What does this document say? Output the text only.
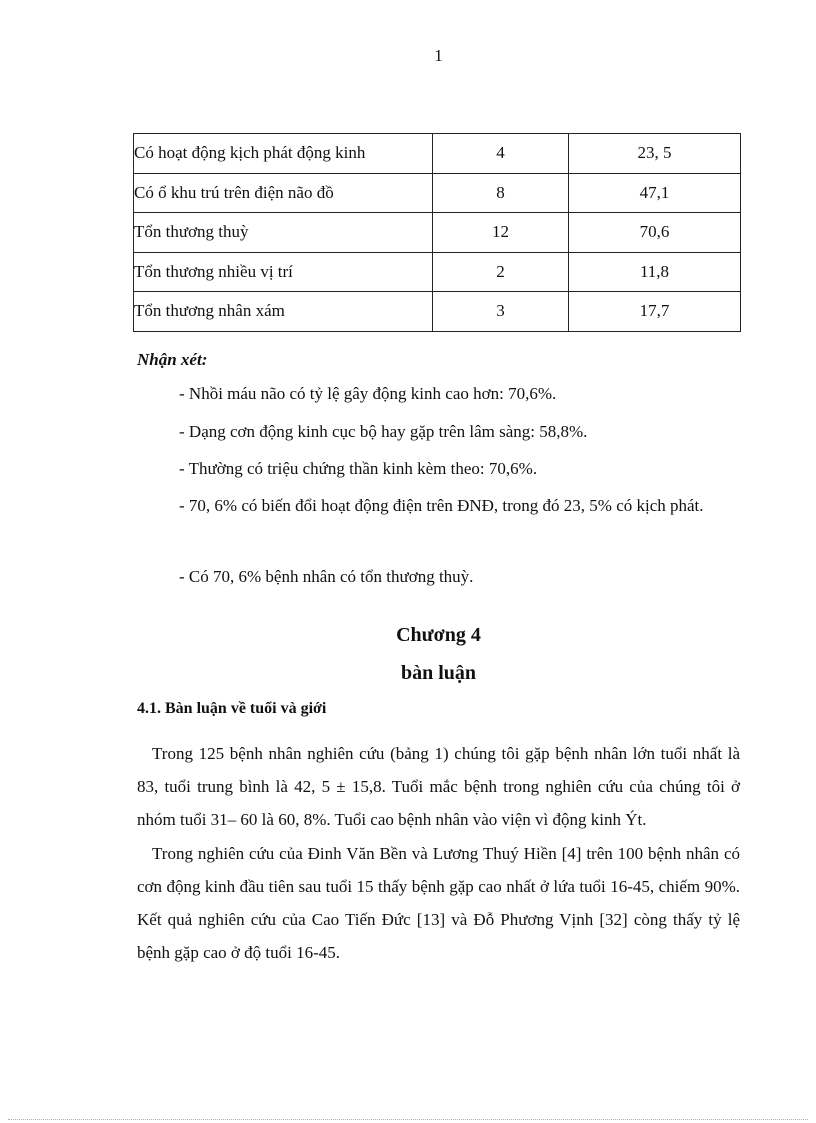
1
Có hoạt động kịch phát động kinh	4	23, 5
Có ổ khu trú trên điện não đồ	8	47,1
Tổn thương thuỳ	12	70,6
Tổn thương nhiều vị trí	2	11,8
Tổn thương nhân xám	3	17,7

Nhận xét:

- Nhồi máu não có tỷ lệ gây động kinh cao hơn: 70,6%.

- Dạng cơn động kinh cục bộ hay gặp trên lâm sàng: 58,8%.

- Thường có triệu chứng thần kinh kèm theo: 70,6%.

- 70, 6% có biến đổi hoạt động điện trên ĐNĐ, trong đó 23, 5% có kịch phát.

- Có 70, 6% bệnh nhân có tổn thương thuỳ.

Chương 4
bàn luận
4.1. Bàn luận về tuổi và giới

Trong 125 bệnh nhân nghiên cứu (bảng 1) chúng tôi gặp bệnh nhân lớn tuổi nhất là 83, tuổi trung bình là 42, 5 ± 15,8. Tuổi mắc bệnh trong nghiên cứu của chúng tôi ở nhóm tuổi 31– 60 là 60, 8%. Tuổi cao bệnh nhân vào viện vì động kinh Ýt.

Trong nghiên cứu của Đinh Văn Bền và Lương Thuý Hiền [4] trên 100 bệnh nhân có cơn động kinh đầu tiên sau tuổi 15 thấy bệnh gặp cao nhất ở lứa tuổi 16-45, chiếm 90%. Kết quả nghiên cứu của Cao Tiến Đức [13] và Đỗ Phương Vịnh [32] còng thấy tỷ lệ bệnh gặp cao ở độ tuổi 16-45.
